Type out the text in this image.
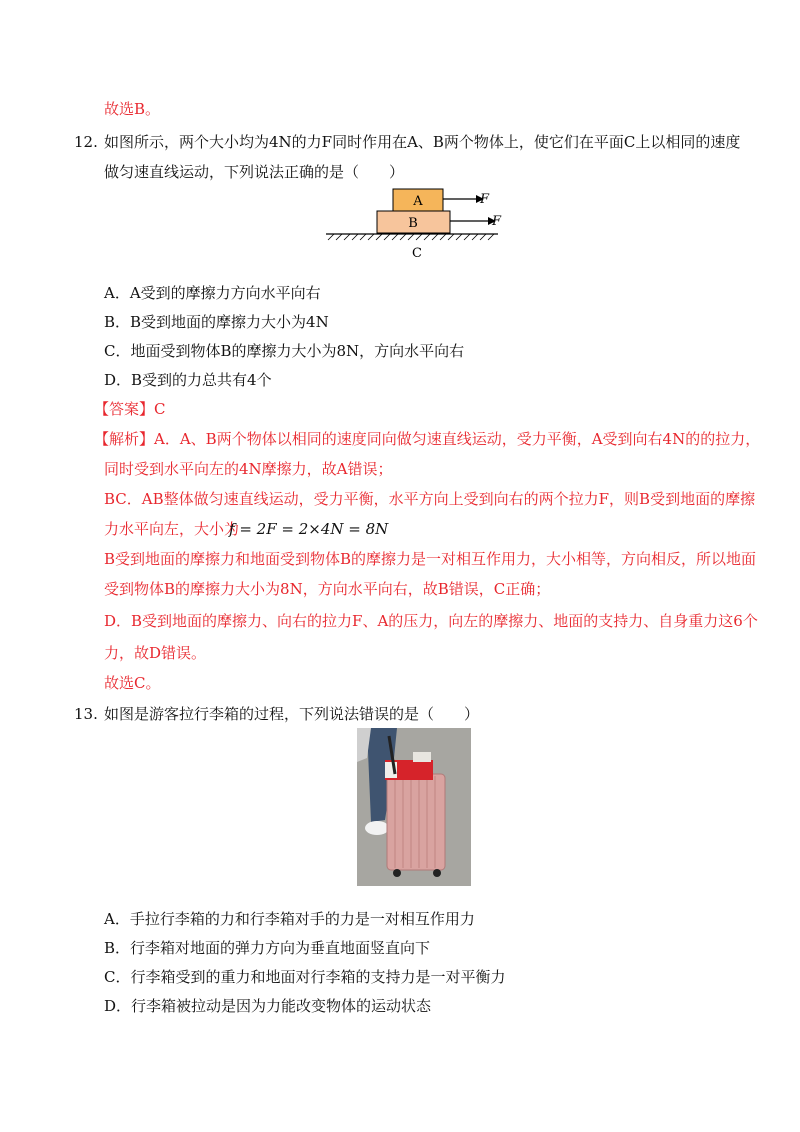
故选B。
12. 如图所示，两个大小均为4N的力F同时作用在A、B两个物体上，使它们在平面C上以相同的速度
做匀速直线运动，下列说法正确的是（　　）
A
B
C
F
F
A．A受到的摩擦力方向水平向右
B．B受到地面的摩擦力大小为4N
C．地面受到物体B的摩擦力大小为8N，方向水平向右
D．B受到的力总共有4个
【答案】C
【解析】A．A、B两个物体以相同的速度同向做匀速直线运动，受力平衡，A受到向右4N的的拉力，
同时受到水平向左的4N摩擦力，故A错误；
BC．AB整体做匀速直线运动，受力平衡，水平方向上受到向右的两个拉力F，则B受到地面的摩擦
力水平向左，大小为
f = 2F = 2×4N = 8N
B受到地面的摩擦力和地面受到物体B的摩擦力是一对相互作用力，大小相等，方向相反，所以地面
受到物体B的摩擦力大小为8N，方向水平向右，故B错误，C正确；
D．B受到地面的摩擦力、向右的拉力F、A的压力，向左的摩擦力、地面的支持力、自身重力这6个
力，故D错误。
故选C。
13. 如图是游客拉行李箱的过程，下列说法错误的是（　　）
A．手拉行李箱的力和行李箱对手的力是一对相互作用力
B．行李箱对地面的弹力方向为垂直地面竖直向下
C．行李箱受到的重力和地面对行李箱的支持力是一对平衡力
D．行李箱被拉动是因为力能改变物体的运动状态
